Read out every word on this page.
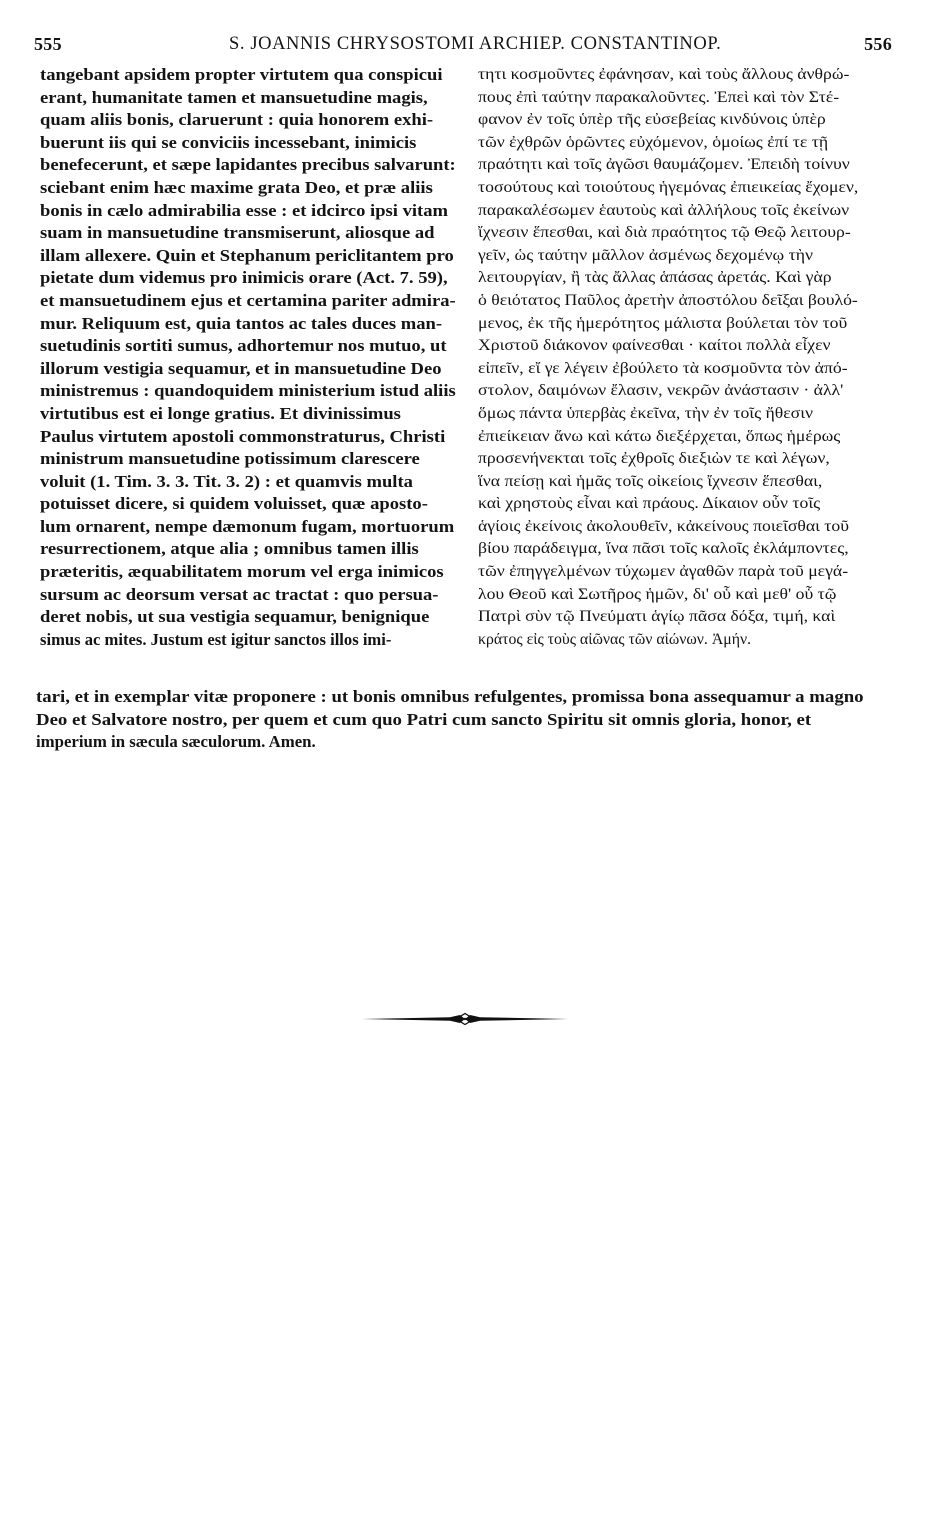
555	S. JOANNIS CHRYSOSTOMI ARCHIEP. CONSTANTINOP.	556
tangebant apsidem propter virtutem qua conspicui
erant, humanitate tamen et mansuetudine magis,
quam aliis bonis, claruerunt : quia honorem exhi-
buerunt iis qui se conviciis incessebant, inimicis
benefecerunt, et sæpe lapidantes precibus salvarunt:
sciebant enim hæc maxime grata Deo, et præ aliis
bonis in cælo admirabilia esse : et idcirco ipsi vitam
suam in mansuetudine transmiserunt, aliosque ad
illam allexere. Quin et Stephanum periclitantem pro
pietate dum videmus pro inimicis orare (Act. 7. 59),
et mansuetudinem ejus et certamina pariter admira-
mur. Reliquum est, quia tantos ac tales duces man-
suetudinis sortiti sumus, adhortemur nos mutuo, ut
illorum vestigia sequamur, et in mansuetudine Deo
ministremus : quandoquidem ministerium istud aliis
virtutibus est ei longe gratius. Et divinissimus
Paulus virtutem apostoli commonstraturus, Christi
ministrum mansuetudine potissimum clarescere
voluit (1. Tim. 3. 3. Tit. 3. 2) : et quamvis multa
potuisset dicere, si quidem voluisset, quæ aposto-
lum ornarent, nempe dæmonum fugam, mortuorum
resurrectionem, atque alia ; omnibus tamen illis
præteritis, æquabilitatem morum vel erga inimicos
sursum ac deorsum versat ac tractat : quo persua-
deret nobis, ut sua vestigia sequamur, benignique
simus ac mites. Justum est igitur sanctos illos imi-
τητι κοσμοῦντες ἐφάνησαν, καὶ τοὺς ἄλλους ἀνθρώ-
πους ἐπὶ ταύτην παρακαλοῦντες. Ἐπεὶ καὶ τὸν Στέ-
φανον ἐν τοῖς ὑπὲρ τῆς εὐσεβείας κινδύνοις ὑπὲρ
τῶν ἐχθρῶν ὁρῶντες εὐχόμενον, ὁμοίως ἐπί τε τῇ
πραότητι καὶ τοῖς ἀγῶσι θαυμάζομεν. Ἐπειδὴ τοίνυν
τοσούτους καὶ τοιούτους ἡγεμόνας ἐπιεικείας ἔχομεν,
παρακαλέσωμεν ἑαυτοὺς καὶ ἀλλήλους τοῖς ἐκείνων
ἴχνεσιν ἕπεσθαι, καὶ διὰ πραότητος τῷ Θεῷ λειτουρ-
γεῖν, ὡς ταύτην μᾶλλον ἀσμένως δεχομένῳ τὴν
λειτουργίαν, ἢ τὰς ἄλλας ἁπάσας ἀρετάς. Καὶ γὰρ
ὁ θειότατος Παῦλος ἀρετὴν ἀποστόλου δεῖξαι βουλό-
μενος, ἐκ τῆς ἡμερότητος μάλιστα βούλεται τὸν τοῦ
Χριστοῦ διάκονον φαίνεσθαι · καίτοι πολλὰ εἶχεν
εἰπεῖν, εἴ γε λέγειν ἐβούλετο τὰ κοσμοῦντα τὸν ἀπό-
στολον, δαιμόνων ἔλασιν, νεκρῶν ἀνάστασιν · ἀλλ'
ὅμως πάντα ὑπερβὰς ἐκεῖνα, τὴν ἐν τοῖς ἤθεσιν
ἐπιείκειαν ἄνω καὶ κάτω διεξέρχεται, ὅπως ἡμέρως
προσενήνεκται τοῖς ἐχθροῖς διεξιὼν τε καὶ λέγων,
ἵνα πείσῃ καὶ ἡμᾶς τοῖς οἰκείοις ἴχνεσιν ἕπεσθαι,
καὶ χρηστοὺς εἶναι καὶ πράους. Δίκαιον οὖν τοῖς
ἁγίοις ἐκείνοις ἀκολουθεῖν, κἀκείνους ποιεῖσθαι τοῦ
βίου παράδειγμα, ἵνα πᾶσι τοῖς καλοῖς ἐκλάμποντες,
τῶν ἐπηγγελμένων τύχωμεν ἀγαθῶν παρὰ τοῦ μεγά-
λου Θεοῦ καὶ Σωτῆρος ἡμῶν, δι' οὗ καὶ μεθ' οὗ τῷ
Πατρὶ σὺν τῷ Πνεύματι ἁγίῳ πᾶσα δόξα, τιμή, καὶ
κράτος εἰς τοὺς αἰῶνας τῶν αἰώνων. Ἀμήν.
tari, et in exemplar vitæ proponere : ut bonis omnibus refulgentes, promissa bona assequamur a magno
Deo et Salvatore nostro, per quem et cum quo Patri cum sancto Spiritu sit omnis gloria, honor, et
imperium in sæcula sæculorum. Amen.
